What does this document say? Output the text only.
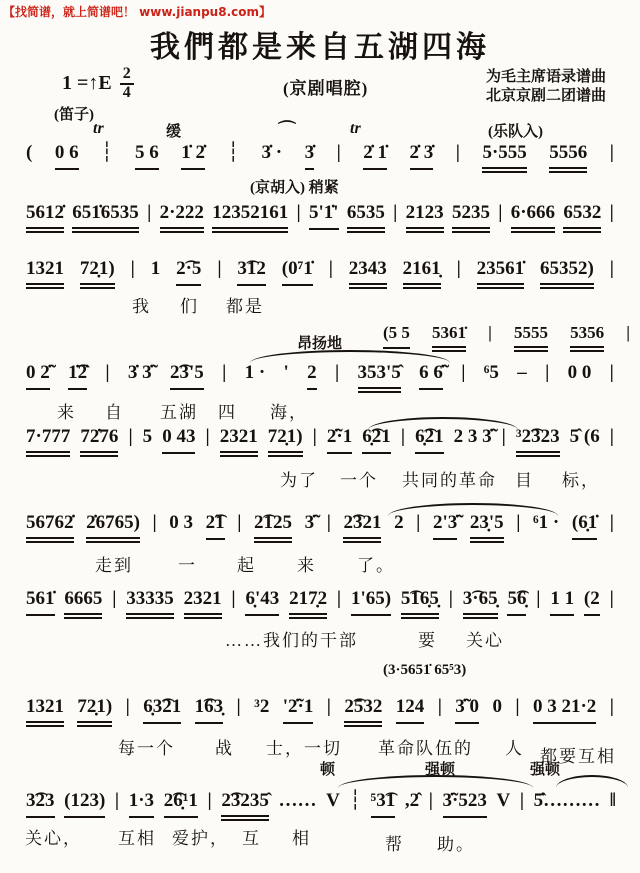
【找简谱，就上简谱吧！ www.jianpu8.com】
我們都是来自五湖四海
1 =↑E $\frac{2}{4}$	(京剧唱腔)
为毛主席语录谱曲
北京京剧二团谱曲
(笛子)
tr	缓	⌒	tr	(乐队入)
( 0 6 ┆ 5 6 1̇ 2̇ ┆ 3̇ · 3̇ | 2̇ 1̇ 2̇ 3̇ | 5·555 5556 |
(京胡入) 稍紧
5612̇ 651̇6535 | 2·222 12352161 | 5'1̇' 6535 | 2123 5235 | 6·666 6532 |
1321 72̣1) | 1 2͡·5 | 3͡12 (0⁷1̇ | 2343 2161̣ | 23561̇ 65352) |
我 们 都是
昂扬地
(5 5 5361̇ | 5555 5356 |
0 2̇̃ 1̇͡2̇ | 3̇ 3̇̃ 2͡3'5 | 1 · ' 2 | 353'5̂ 6 6̇̃ | ⁶5 – | 0 0 |
来 自 五湖 四 海，
7·777 72̇76 | 5 0 43 | 2321 72̣1) | 2̇̃·1 6̣͡21 | 6̣͡21 2 3 3̇̃ | ³2͡323 5̂ (6 |
为了 一个 共同的革命 目 标，
56762̇ 2̇6765) | 0 3 2̃͡1 | 2͡125 3̇̃ | 2͡321 2 | 2'3̇̃ 23̣'5 | ⁶1 · (6̣1̇ |
走到	一 起 来 了。
561̇ 6665 | 33335 2321 | 6̣'43 217̣2 | 1'65) 5͡16̣5̣ | 3͡·65̣ 5͡6̣ | 1 1 (2 |
……我们的干部	要 关心
(3·5651̇ 65⁵3)
1321 72̣1) | 6̣3͡21 1͡63̣ | ³2 '2̇̃·1 | 2͡532 124 | 3̇̃ 0 0 | 0 3 21·2 |
每一个 战 士，一切 革命队伍的 人 都要互相
顿	强顿	强顿
3͡23 (123) | 1·3 2͡6̣¹1 | 2͡3235̂ …… V ┆ ⁵3͡1 ,2̂ | 3̇̃·523 V | 5̇̂……… ‖
关心， 互相 爱护， 互 相	帮 助。
